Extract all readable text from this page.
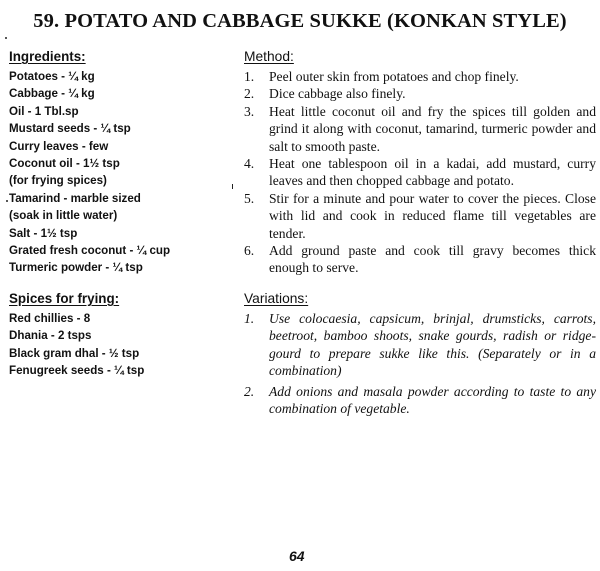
59. POTATO AND CABBAGE SUKKE (KONKAN STYLE)
Ingredients:
Potatoes - ¼ kg
Cabbage - ¼ kg
Oil - 1 Tbl.sp
Mustard seeds - ¼ tsp
Curry leaves - few
Coconut oil - 1½ tsp
(for frying spices)
Tamarind - marble sized
(soak in little water)
Salt - 1½ tsp
Grated fresh coconut - ¼ cup
Turmeric powder - ¼ tsp
Spices for frying:
Red chillies - 8
Dhania - 2 tsps
Black gram dhal - ½ tsp
Fenugreek seeds - ¼ tsp
Method:
1. Peel outer skin from potatoes and chop finely.
2. Dice cabbage also finely.
3. Heat little coconut oil and fry the spices till golden and grind it along with coconut, tamarind, turmeric powder and salt to smooth paste.
4. Heat one tablespoon oil in a kadai, add mustard, curry leaves and then chopped cabbage and potato.
5. Stir for a minute and pour water to cover the pieces. Close with lid and cook in reduced flame till vegetables are tender.
6. Add ground paste and cook till gravy becomes thick enough to serve.
Variations:
1. Use colocaesia, capsicum, brinjal, drumsticks, carrots, beetroot, bamboo shoots, snake gourds, radish or ridge-gourd to prepare sukke like this. (Separately or in a combination)
2. Add onions and masala powder according to taste to any combination of vegetable.
64
